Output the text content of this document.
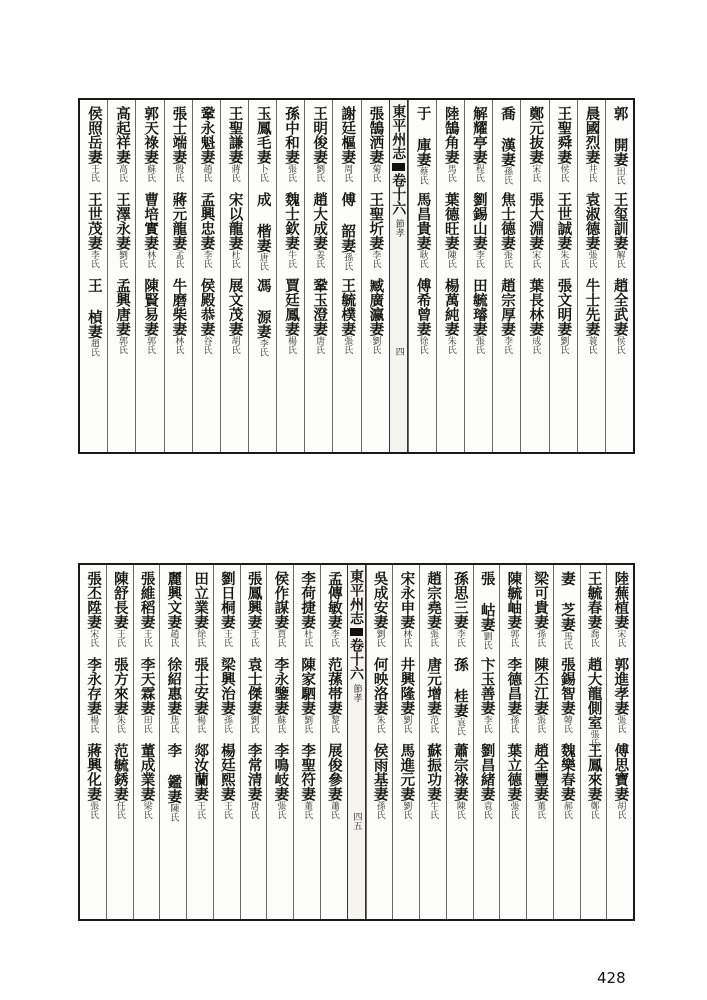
郭 開妻田氏
王玺訓妻解氏
趙全武妻侯氏
晨國烈妻井氏
袁淑德妻張氏
牛士先妻蓑氏
王聖舜妻侯氏
王世誠妻朱氏
張文明妻劉氏
鄭元抜妻宋氏
張大淵妻宋氏
葉長林妻成氏
喬 漢妻孫氏
焦士德妻張氏
趙宗厚妻李氏
解耀亭妻程氏
劉錫山妻李氏
田毓璿妻張氏
陸鵠角妻馬氏
葉德旺妻陳氏
楊萬純妻朱氏
于 庫妻蔡氏
馬昌貴妻耿氏
傅希曾妻徐氏
東平州志
卷十六
節孝
四
張鵠洒妻菊氏
王聖圻妻李氏
臧廣瀛妻劉氏
謝廷樞妻周氏
傅 韶妻孫氏
王毓樸妻張氏
王明俊妻劉氏
趙大成妻姜氏
鞏玉澄妻唐氏
孫中和妻張氏
魏士欽妻牛氏
賈廷鳳妻楊氏
玉鳳毛妻卜氏
成 楷妻唐氏
馮 源妻李氏
王聖謙妻蔣氏
宋以龍妻杜氏
展文茂妻胡氏
鞏永魁妻趙氏
孟興忠妻李氏
侯殿恭妻谷氏
張士端妻殷氏
蔣元龍妻孟氏
牛磨柴妻林氏
郭天祿妻蘇氏
曹培實妻林氏
陳賢易妻郭氏
高起祥妻高氏
王澤永妻劉氏
孟興唐妻郭氏
侯照岳妻王氏
王世茂妻李氏
王 楨妻趙氏
陸蕪植妻宋氏
郭進孝妻張氏
傅思寶妻胡氏
王毓春妻喬氏
趙大龍側室張氏
王鳳來妻鄭氏
妻 芝妻馬氏
張錫智妻韓氏
魏樂春妻郝氏
梁可貴妻孫氏
陳丕江妻張氏
趙全豐妻董氏
陳毓岫妻郭氏
李德昌妻孫氏
葉立德妻張氏
張 岵妻劉氏
卞玉善妻李氏
劉昌緒妻袁氏
孫思三妻李氏
孫 桂妻袁氏
蕭宗祿妻陳氏
趙宗堯妻張氏
唐元增妻范氏
蘇振功妻牛氏
宋永申妻林氏
井興隆妻劉氏
馬進元妻劉氏
吳成安妻劉氏
何映洛妻朱氏
侯雨基妻孫氏
東平州志
卷十六
節孝
四五
孟傳敏妻李氏
范蓀帯妻黎氏
展俊參妻蕭氏
李荷捷妻杜氏
陳家駟妻劉氏
李聖符妻董氏
侯作謀妻賈氏
李永鑒妻蘇氏
李鳴岐妻張氏
張鳳興妻于氏
袁士傑妻劉氏
李常清妻唐氏
劉日桐妻王氏
梁興治妻孫氏
楊廷熙妻王氏
田立業妻徐氏
張士安妻楊氏
郯汝蘭妻王氏
麗興文妻趙氏
徐紹惠妻焦氏
李 鑑妻陳氏
張維稻妻王氏
李天霖妻田氏
董成業妻梁氏
陳舒長妻王氏
張方來妻朱氏
范毓銹妻任氏
張丕陞妻宋氏
李永存妻楊氏
蔣興化妻張氏
428
